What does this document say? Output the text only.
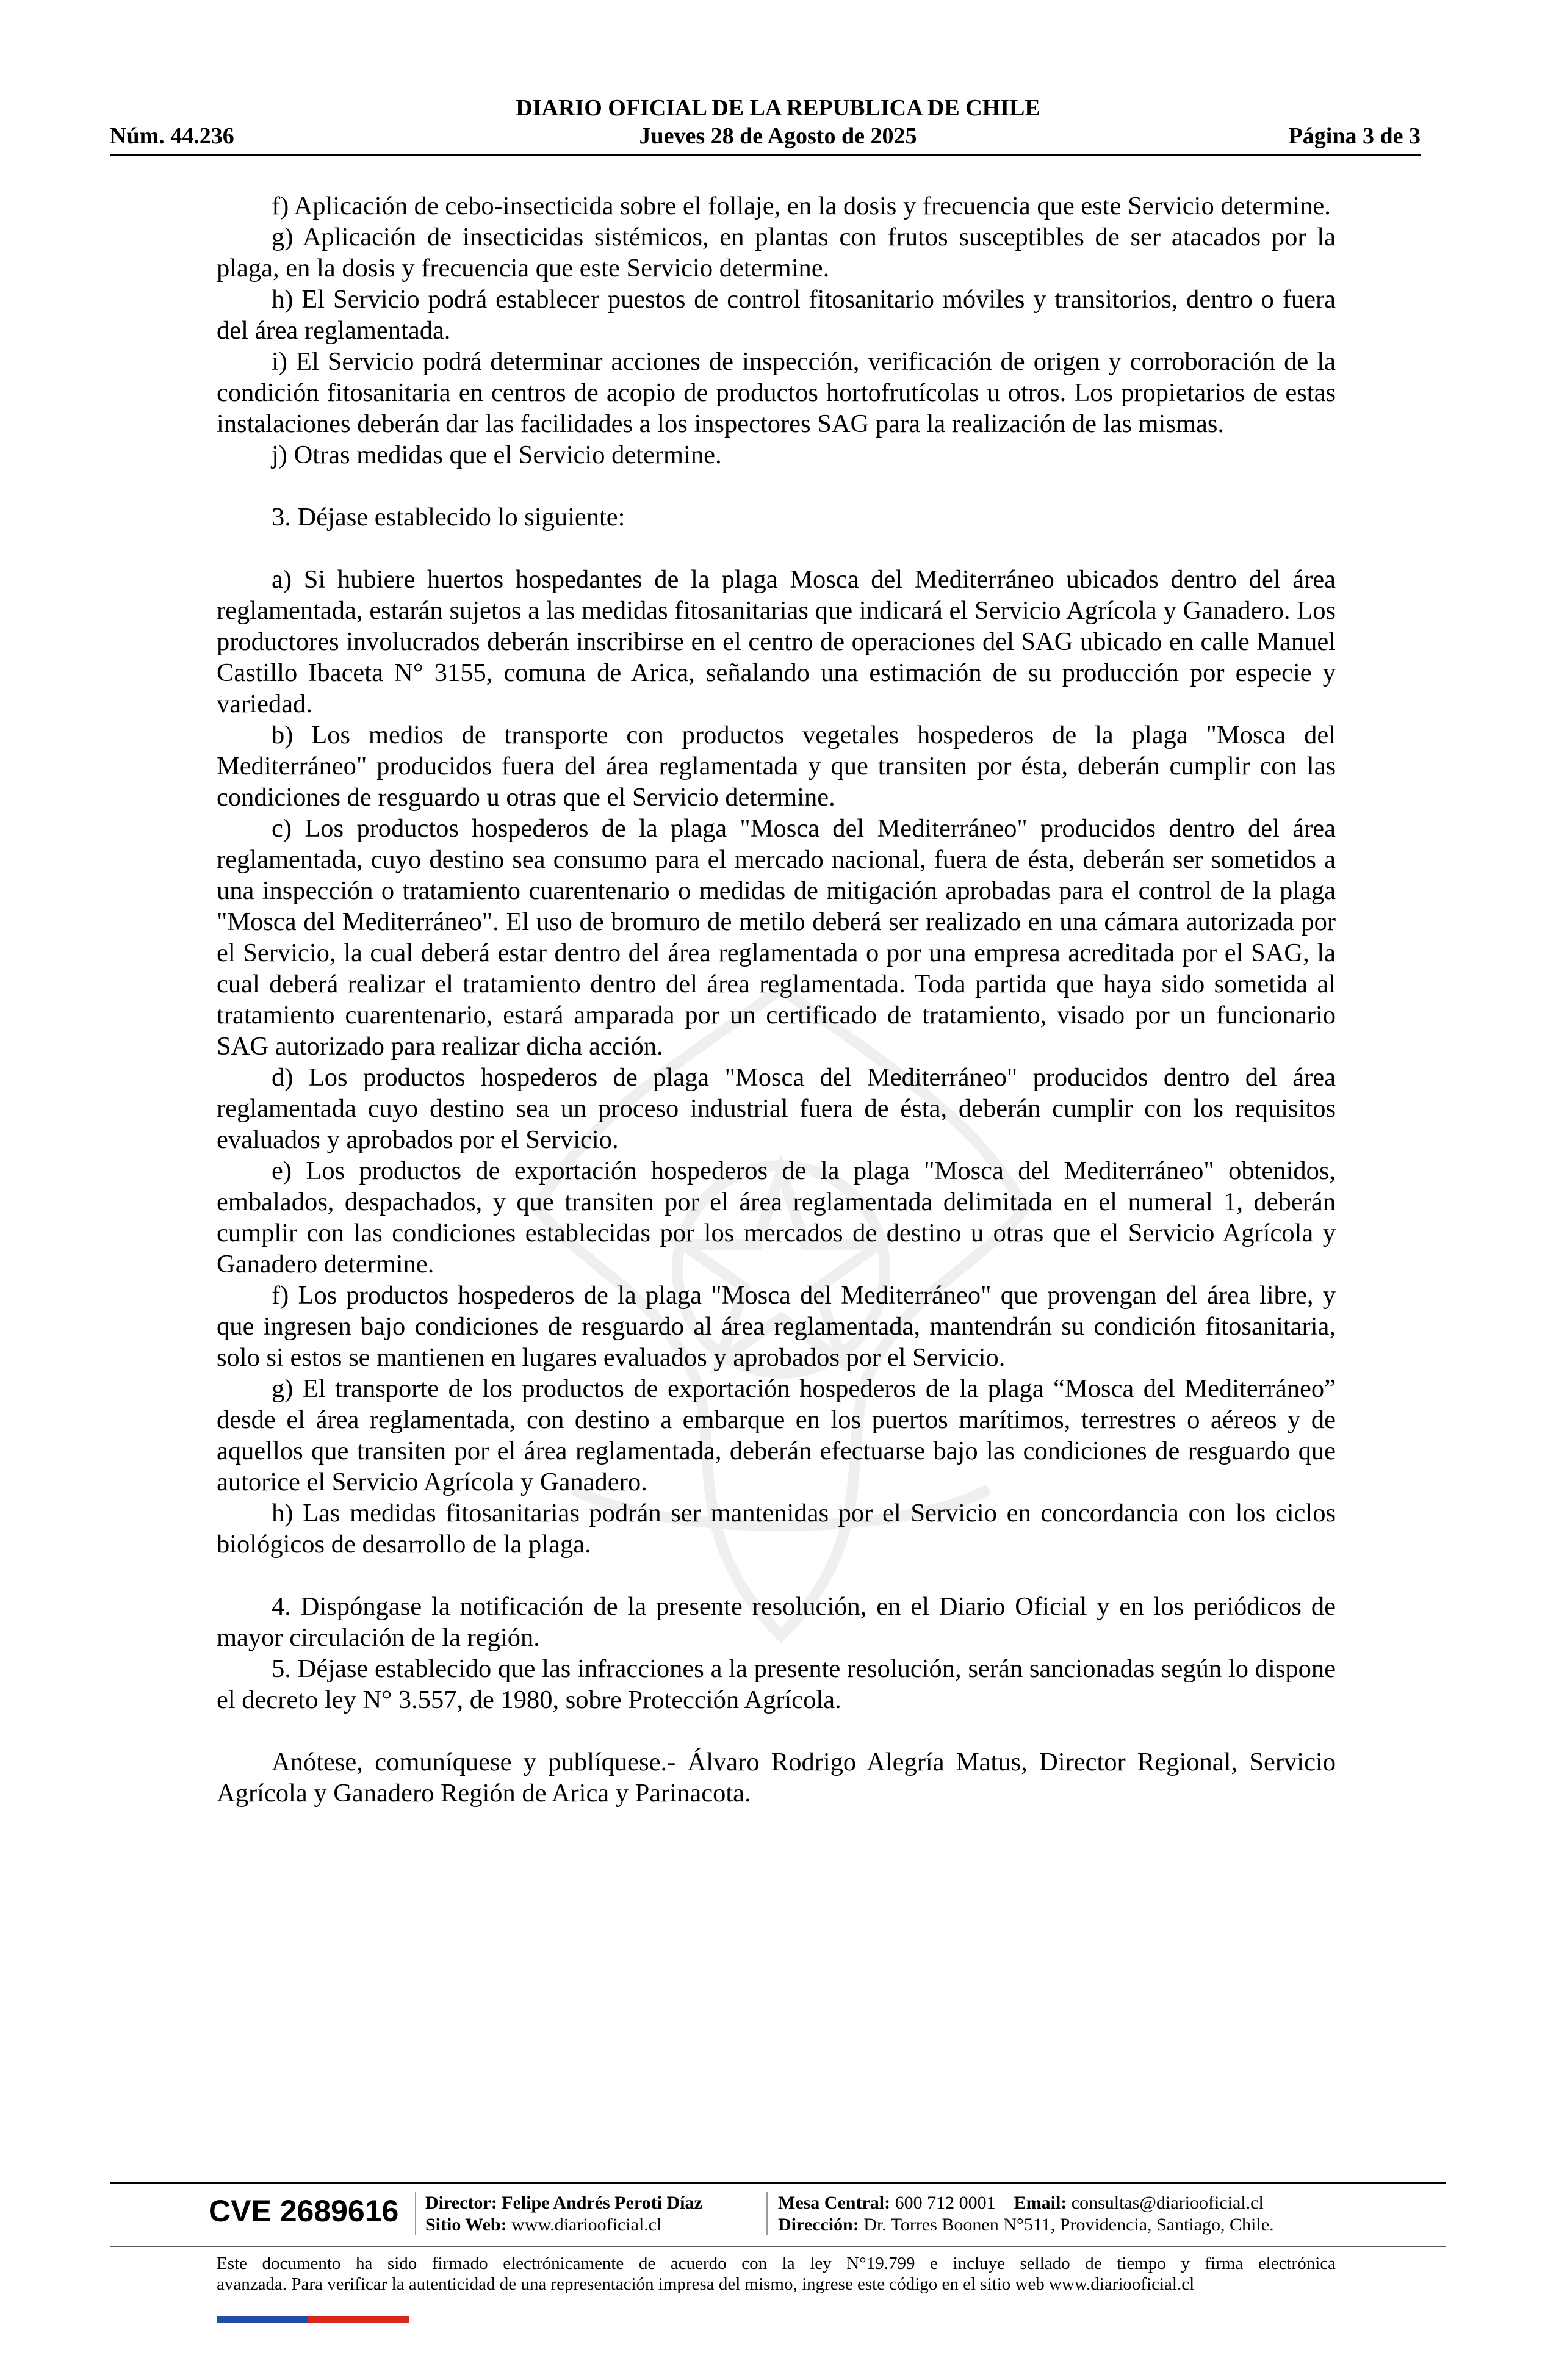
DIARIO OFICIAL DE LA REPUBLICA DE CHILE
Núm. 44.236	Jueves 28 de Agosto de 2025	Página 3 de 3

f) Aplicación de cebo-insecticida sobre el follaje, en la dosis y frecuencia que este Servicio determine.

g) Aplicación de insecticidas sistémicos, en plantas con frutos susceptibles de ser atacados por la plaga, en la dosis y frecuencia que este Servicio determine.

h) El Servicio podrá establecer puestos de control fitosanitario móviles y transitorios, dentro o fuera del área reglamentada.

i) El Servicio podrá determinar acciones de inspección, verificación de origen y corroboración de la condición fitosanitaria en centros de acopio de productos hortofrutícolas u otros. Los propietarios de estas instalaciones deberán dar las facilidades a los inspectores SAG para la realización de las mismas.

j) Otras medidas que el Servicio determine.

3. Déjase establecido lo siguiente:

a) Si hubiere huertos hospedantes de la plaga Mosca del Mediterráneo ubicados dentro del área reglamentada, estarán sujetos a las medidas fitosanitarias que indicará el Servicio Agrícola y Ganadero. Los productores involucrados deberán inscribirse en el centro de operaciones del SAG ubicado en calle Manuel Castillo Ibaceta N° 3155, comuna de Arica, señalando una estimación de su producción por especie y variedad.

b) Los medios de transporte con productos vegetales hospederos de la plaga "Mosca del Mediterráneo" producidos fuera del área reglamentada y que transiten por ésta, deberán cumplir con las condiciones de resguardo u otras que el Servicio determine.

c) Los productos hospederos de la plaga "Mosca del Mediterráneo" producidos dentro del área reglamentada, cuyo destino sea consumo para el mercado nacional, fuera de ésta, deberán ser sometidos a una inspección o tratamiento cuarentenario o medidas de mitigación aprobadas para el control de la plaga "Mosca del Mediterráneo". El uso de bromuro de metilo deberá ser realizado en una cámara autorizada por el Servicio, la cual deberá estar dentro del área reglamentada o por una empresa acreditada por el SAG, la cual deberá realizar el tratamiento dentro del área reglamentada. Toda partida que haya sido sometida al tratamiento cuarentenario, estará amparada por un certificado de tratamiento, visado por un funcionario SAG autorizado para realizar dicha acción.

d) Los productos hospederos de plaga "Mosca del Mediterráneo" producidos dentro del área reglamentada cuyo destino sea un proceso industrial fuera de ésta, deberán cumplir con los requisitos evaluados y aprobados por el Servicio.

e) Los productos de exportación hospederos de la plaga "Mosca del Mediterráneo" obtenidos, embalados, despachados, y que transiten por el área reglamentada delimitada en el numeral 1, deberán cumplir con las condiciones establecidas por los mercados de destino u otras que el Servicio Agrícola y Ganadero determine.

f) Los productos hospederos de la plaga "Mosca del Mediterráneo" que provengan del área libre, y que ingresen bajo condiciones de resguardo al área reglamentada, mantendrán su condición fitosanitaria, solo si estos se mantienen en lugares evaluados y aprobados por el Servicio.

g) El transporte de los productos de exportación hospederos de la plaga “Mosca del Mediterráneo” desde el área reglamentada, con destino a embarque en los puertos marítimos, terrestres o aéreos y de aquellos que transiten por el área reglamentada, deberán efectuarse bajo las condiciones de resguardo que autorice el Servicio Agrícola y Ganadero.

h) Las medidas fitosanitarias podrán ser mantenidas por el Servicio en concordancia con los ciclos biológicos de desarrollo de la plaga.

4. Dispóngase la notificación de la presente resolución, en el Diario Oficial y en los periódicos de mayor circulación de la región.

5. Déjase establecido que las infracciones a la presente resolución, serán sancionadas según lo dispone el decreto ley N° 3.557, de 1980, sobre Protección Agrícola.

Anótese, comuníquese y publíquese.- Álvaro Rodrigo Alegría Matus, Director Regional, Servicio Agrícola y Ganadero Región de Arica y Parinacota.

CVE 2689616 Director: Felipe Andrés Peroti Díaz
Sitio Web: www.diariooficial.cl
Mesa Central: 600 712 0001 Email: consultas@diariooficial.cl
Dirección: Dr. Torres Boonen N°511, Providencia, Santiago, Chile.
Este documento ha sido firmado electrónicamente de acuerdo con la ley N°19.799 e incluye sellado de tiempo y firma electrónica
avanzada. Para verificar la autenticidad de una representación impresa del mismo, ingrese este código en el sitio web www.diariooficial.cl
